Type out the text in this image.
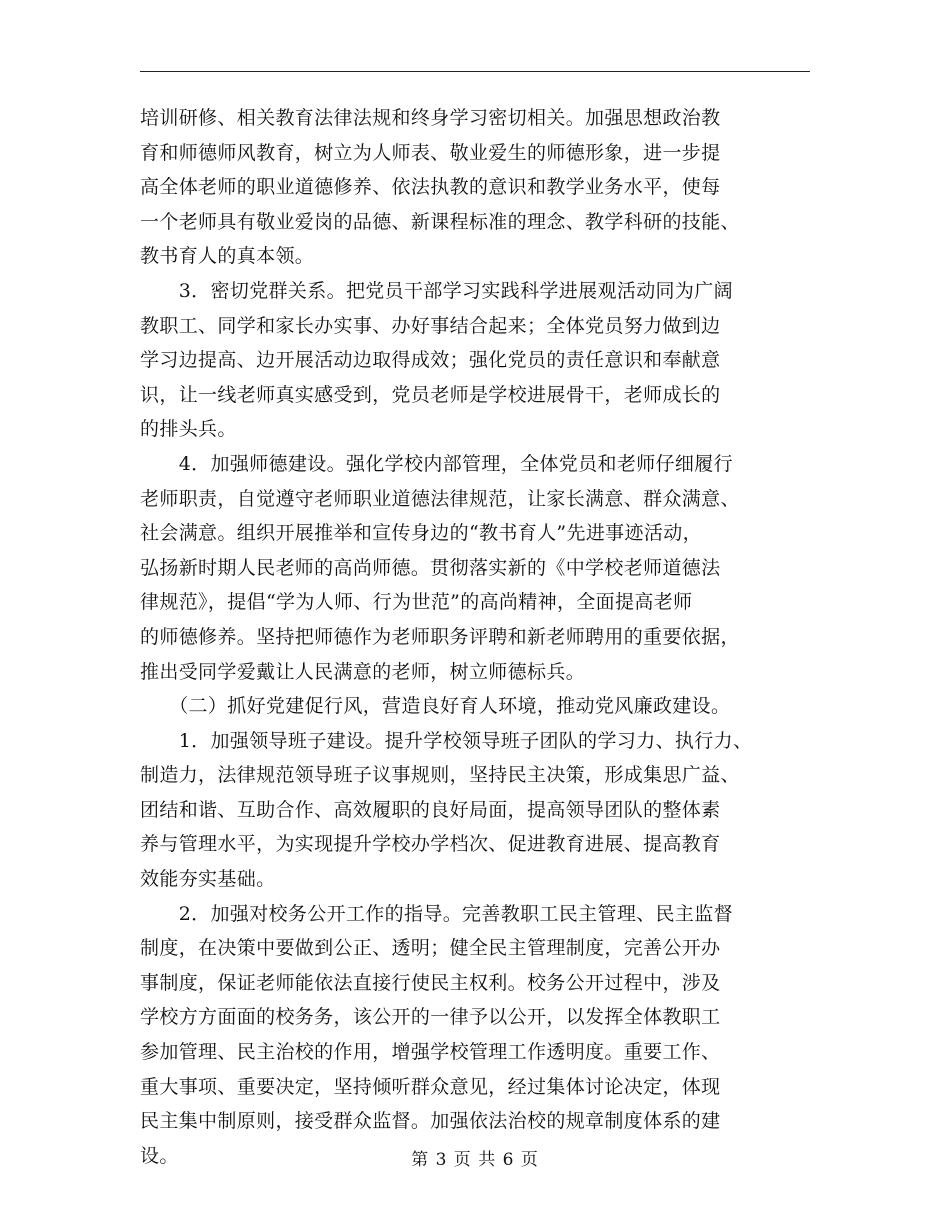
培训研修、相关教育法律法规和终身学习密切相关。加强思想政治教
育和师德师风教育，树立为人师表、敬业爱生的师德形象，进一步提
高全体老师的职业道德修养、依法执教的意识和教学业务水平，使每
一个老师具有敬业爱岗的品德、新课程标准的理念、教学科研的技能、
教书育人的真本领。
　　3．密切党群关系。把党员干部学习实践科学进展观活动同为广阔
教职工、同学和家长办实事、办好事结合起来；全体党员努力做到边
学习边提高、边开展活动边取得成效；强化党员的责任意识和奉献意
识，让一线老师真实感受到，党员老师是学校进展骨干，老师成长的
的排头兵。
　　4．加强师德建设。强化学校内部管理，全体党员和老师仔细履行
老师职责，自觉遵守老师职业道德法律规范，让家长满意、群众满意、
社会满意。组织开展推举和宣传身边的“教书育人”先进事迹活动，
弘扬新时期人民老师的高尚师德。贯彻落实新的《中学校老师道德法
律规范》，提倡“学为人师、行为世范”的高尚精神，全面提高老师
的师德修养。坚持把师德作为老师职务评聘和新老师聘用的重要依据，
推出受同学爱戴让人民满意的老师，树立师德标兵。
　　（二）抓好党建促行风，营造良好育人环境，推动党风廉政建设。
　　1．加强领导班子建设。提升学校领导班子团队的学习力、执行力、
制造力，法律规范领导班子议事规则，坚持民主决策，形成集思广益、
团结和谐、互助合作、高效履职的良好局面，提高领导团队的整体素
养与管理水平，为实现提升学校办学档次、促进教育进展、提高教育
效能夯实基础。
　　2．加强对校务公开工作的指导。完善教职工民主管理、民主监督
制度，在决策中要做到公正、透明；健全民主管理制度，完善公开办
事制度，保证老师能依法直接行使民主权利。校务公开过程中，涉及
学校方方面面的校务务，该公开的一律予以公开，以发挥全体教职工
参加管理、民主治校的作用，增强学校管理工作透明度。重要工作、
重大事项、重要决定，坚持倾听群众意见，经过集体讨论决定，体现
民主集中制原则，接受群众监督。加强依法治校的规章制度体系的建
设。	第 3 页 共 6 页
